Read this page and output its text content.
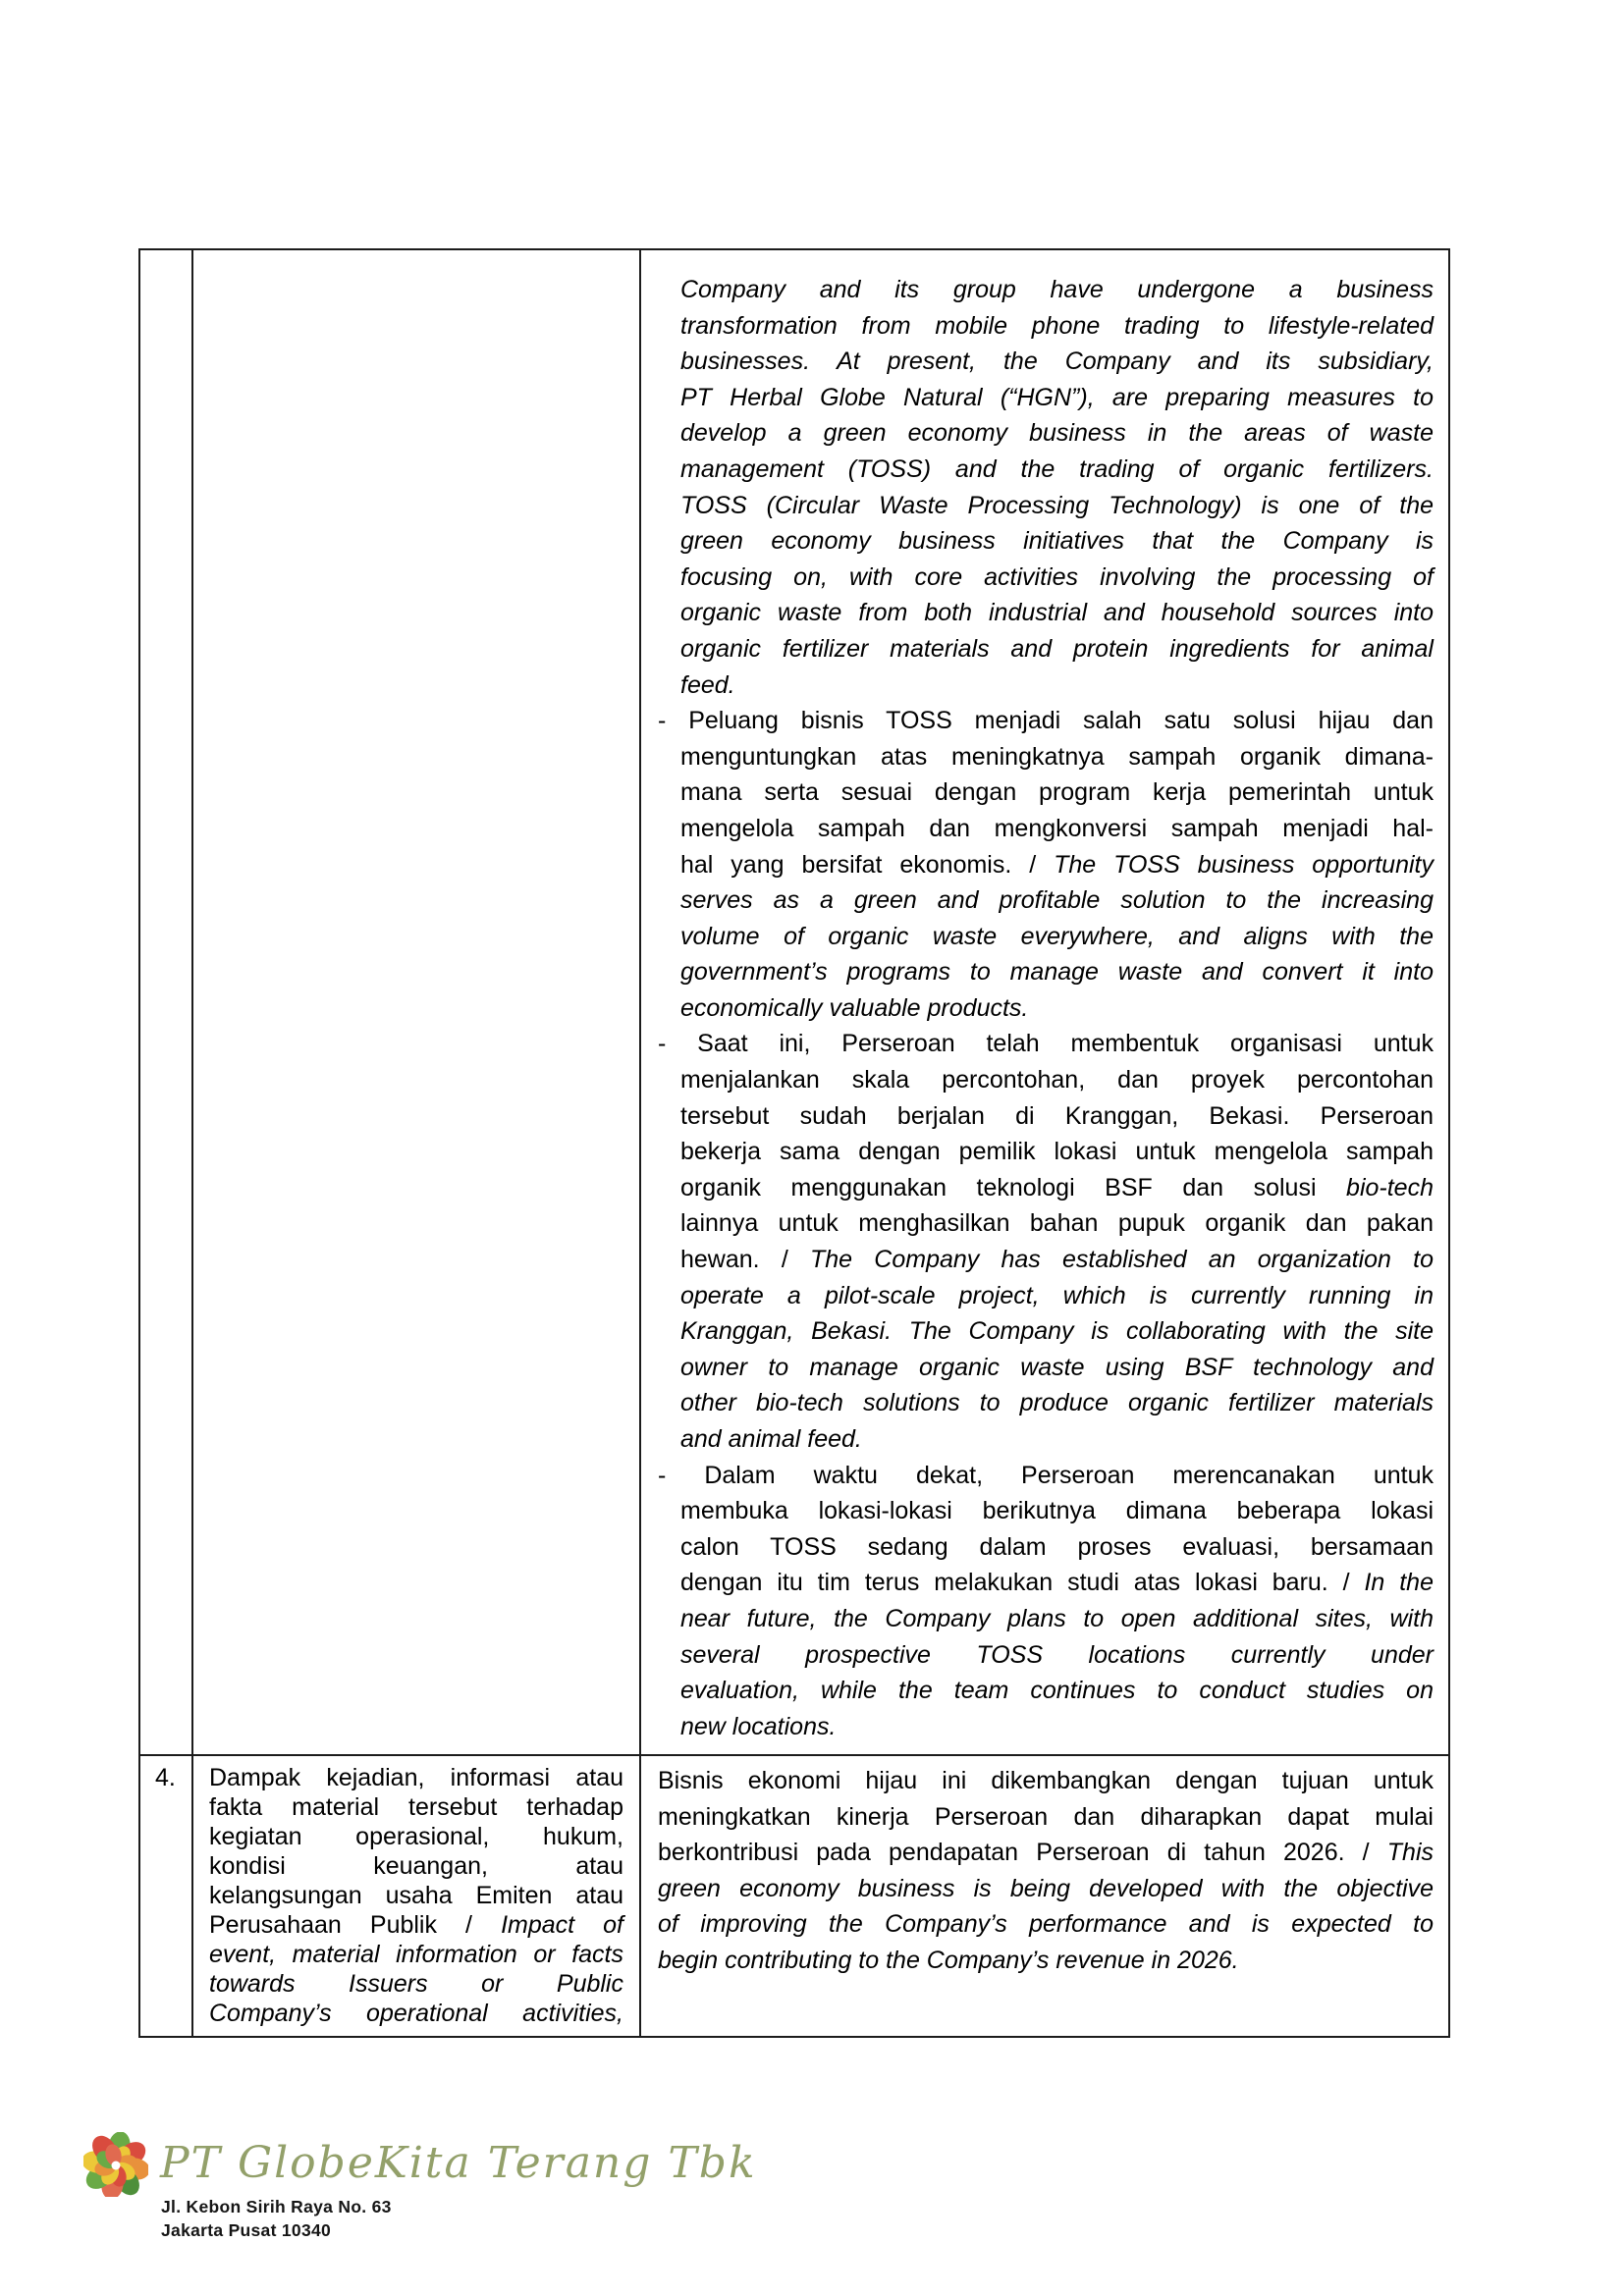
Company and its group have undergone a business
transformation from mobile phone trading to lifestyle-related
businesses. At present, the Company and its subsidiary,
PT Herbal Globe Natural (“HGN”), are preparing measures to
develop a green economy business in the areas of waste
management (TOSS) and the trading of organic fertilizers.
TOSS (Circular Waste Processing Technology) is one of the
green economy business initiatives that the Company is
focusing on, with core activities involving the processing of
organic waste from both industrial and household sources into
organic fertilizer materials and protein ingredients for animal
feed.
- Peluang bisnis TOSS menjadi salah satu solusi hijau dan
menguntungkan atas meningkatnya sampah organik dimana-
mana serta sesuai dengan program kerja pemerintah untuk
mengelola sampah dan mengkonversi sampah menjadi hal-
hal yang bersifat ekonomis. / The TOSS business opportunity
serves as a green and profitable solution to the increasing
volume of organic waste everywhere, and aligns with the
government’s programs to manage waste and convert it into
economically valuable products.
- Saat ini, Perseroan telah membentuk organisasi untuk
menjalankan skala percontohan, dan proyek percontohan
tersebut sudah berjalan di Kranggan, Bekasi. Perseroan
bekerja sama dengan pemilik lokasi untuk mengelola sampah
organik menggunakan teknologi BSF dan solusi bio-tech
lainnya untuk menghasilkan bahan pupuk organik dan pakan
hewan. / The Company has established an organization to
operate a pilot-scale project, which is currently running in
Kranggan, Bekasi. The Company is collaborating with the site
owner to manage organic waste using BSF technology and
other bio-tech solutions to produce organic fertilizer materials
and animal feed.
- Dalam waktu dekat, Perseroan merencanakan untuk
membuka lokasi-lokasi berikutnya dimana beberapa lokasi
calon TOSS sedang dalam proses evaluasi, bersamaan
dengan itu tim terus melakukan studi atas lokasi baru. / In the
near future, the Company plans to open additional sites, with
several prospective TOSS locations currently under
evaluation, while the team continues to conduct studies on
new locations.
4.	Dampak kejadian, informasi atau
fakta material tersebut terhadap
kegiatan operasional, hukum,
kondisi keuangan, atau
kelangsungan usaha Emiten atau
Perusahaan Publik / Impact of
event, material information or facts
towards Issuers or Public
Company’s operational activities,
Bisnis ekonomi hijau ini dikembangkan dengan tujuan untuk
meningkatkan kinerja Perseroan dan diharapkan dapat mulai
berkontribusi pada pendapatan Perseroan di tahun 2026. / This
green economy business is being developed with the objective
of improving the Company’s performance and is expected to
begin contributing to the Company’s revenue in 2026.
PT GlobeKita Terang Tbk
Jl. Kebon Sirih Raya No. 63
Jakarta Pusat 10340
